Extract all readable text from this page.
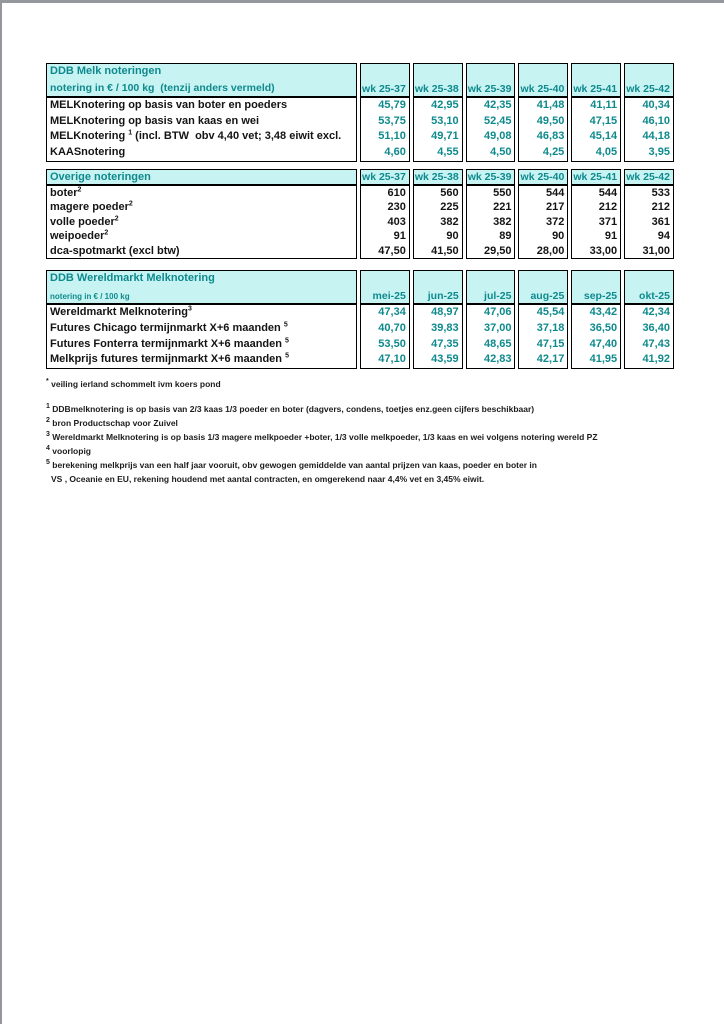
DDB Melk noteringen
notering in € / 100 kg  (tenzij anders vermeld)
MELKnotering op basis van boter en poeders
MELKnotering op basis van kaas en wei
MELKnotering $^1$ (incl. BTW  obv 4,40 vet; 3,48 eiwit excl.
KAASnotering
wk 25-37
45,79
53,75
51,10
4,60
wk 25-38
42,95
53,10
49,71
4,55
wk 25-39
42,35
52,45
49,08
4,50
wk 25-40
41,48
49,50
46,83
4,25
wk 25-41
41,11
47,15
45,14
4,05
wk 25-42
40,34
46,10
44,18
3,95
Overige noteringen
boter$^2$
magere poeder$^2$
volle poeder$^2$
weipoeder$^2$
dca-spotmarkt (excl btw)
wk 25-37
610
230
403
91
47,50
wk 25-38
560
225
382
90
41,50
wk 25-39
550
221
382
89
29,50
wk 25-40
544
217
372
90
28,00
wk 25-41
544
212
371
91
33,00
wk 25-42
533
212
361
94
31,00
DDB Wereldmarkt Melknotering
notering in € / 100 kg
Wereldmarkt Melknotering$^3$
Futures Chicago termijnmarkt X+6 maanden $^5$
Futures Fonterra termijnmarkt X+6 maanden $^5$
Melkprijs futures termijnmarkt X+6 maanden $^5$
mei-25
47,34
40,70
53,50
47,10
jun-25
48,97
39,83
47,35
43,59
jul-25
47,06
37,00
48,65
42,83
aug-25
45,54
37,18
47,15
42,17
sep-25
43,42
36,50
47,40
41,95
okt-25
42,34
36,40
47,43
41,92
* veiling ierland schommelt ivm koers pond
$^1$ DDBmelknotering is op basis van 2/3 kaas 1/3 poeder en boter (dagvers, condens, toetjes enz.geen cijfers beschikbaar)
$^2$ bron Productschap voor Zuivel
$^3$ Wereldmarkt Melknotering is op basis 1/3 magere melkpoeder +boter, 1/3 volle melkpoeder, 1/3 kaas en wei volgens notering wereld PZ
$^4$ voorlopig
$^5$ berekening melkprijs van een half jaar vooruit, obv gewogen gemiddelde van aantal prijzen van kaas, poeder en boter in
VS , Oceanie en EU, rekening houdend met aantal contracten, en omgerekend naar 4,4% vet en 3,45% eiwit.
